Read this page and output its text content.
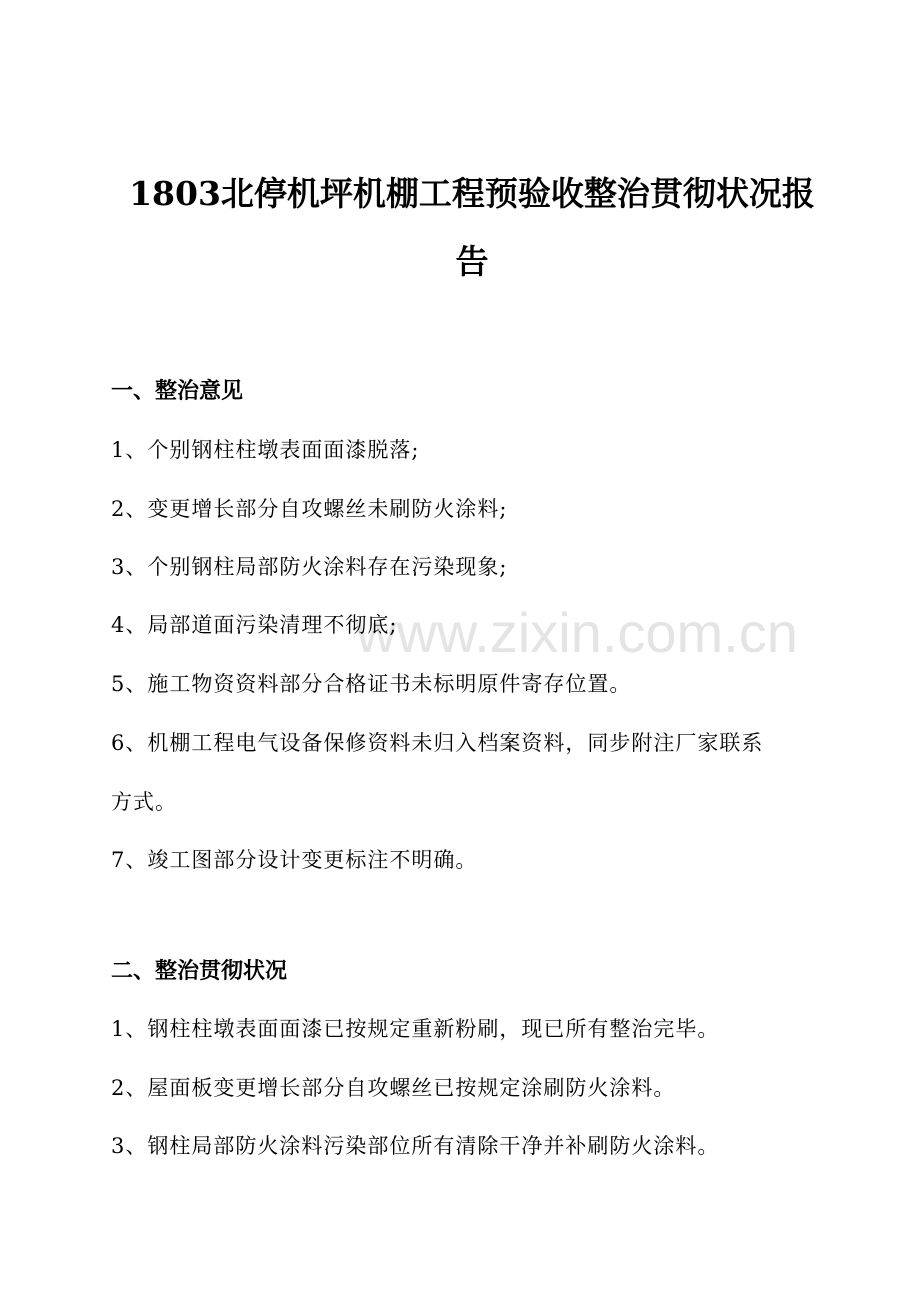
www.zixin.com.cn
1803北停机坪机棚工程预验收整治贯彻状况报
告
一、整治意见
1、个别钢柱柱墩表面面漆脱落;
2、变更增长部分自攻螺丝未刷防火涂料;
3、个别钢柱局部防火涂料存在污染现象;
4、局部道面污染清理不彻底;
5、施工物资资料部分合格证书未标明原件寄存位置。
6、机棚工程电气设备保修资料未归入档案资料，同步附注厂家联系
方式。
7、竣工图部分设计变更标注不明确。
二、整治贯彻状况
1、钢柱柱墩表面面漆已按规定重新粉刷，现已所有整治完毕。
2、屋面板变更增长部分自攻螺丝已按规定涂刷防火涂料。
3、钢柱局部防火涂料污染部位所有清除干净并补刷防火涂料。
